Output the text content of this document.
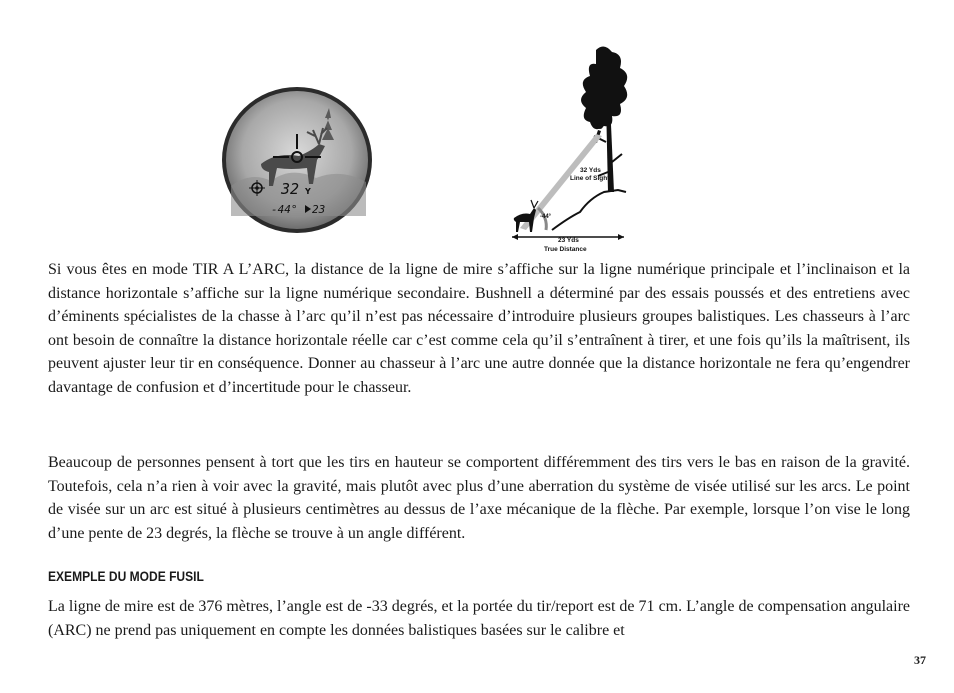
32 Y
-44° 23
32 Yds
Line of Sight
-44°
23 Yds
True Distance

Si vous êtes en mode TIR A L’ARC, la distance de la ligne de mire s’affiche sur la ligne numérique principale et l’inclinaison et la distance horizontale s’affiche sur la ligne numérique secondaire. Bushnell a déterminé par des essais poussés et des entretiens avec d’éminents spécialistes de la chasse à l’arc qu’il n’est pas nécessaire d’introduire plusieurs groupes balistiques. Les chasseurs à l’arc ont besoin de connaître la distance horizontale réelle car c’est comme cela qu’il s’entraînent à tirer, et une fois qu’ils la maîtrisent, ils peuvent ajuster leur tir en conséquence. Donner au chasseur à l’arc une autre donnée que la distance horizontale ne fera qu’engendrer davantage de confusion et d’incertitude pour le chasseur.

Beaucoup de personnes pensent à tort que les tirs en hauteur se comportent différemment des tirs vers le bas en raison de la gravité. Toutefois, cela n’a rien à voir avec la gravité, mais plutôt avec plus d’une aberration du système de visée utilisé sur les arcs. Le point de visée sur un arc est situé à plusieurs centimètres au dessus de l’axe mécanique de la flèche. Par exemple, lorsque l’on vise le long d’une pente de 23 degrés, la flèche se trouve à un angle différent.

EXEMPLE DU MODE FUSIL

La ligne de mire est de 376 mètres, l’angle est de -33 degrés, et la portée du tir/report est de 71 cm. L’angle de compensation angulaire (ARC) ne prend pas uniquement en compte les données balistiques basées sur le calibre et

37
